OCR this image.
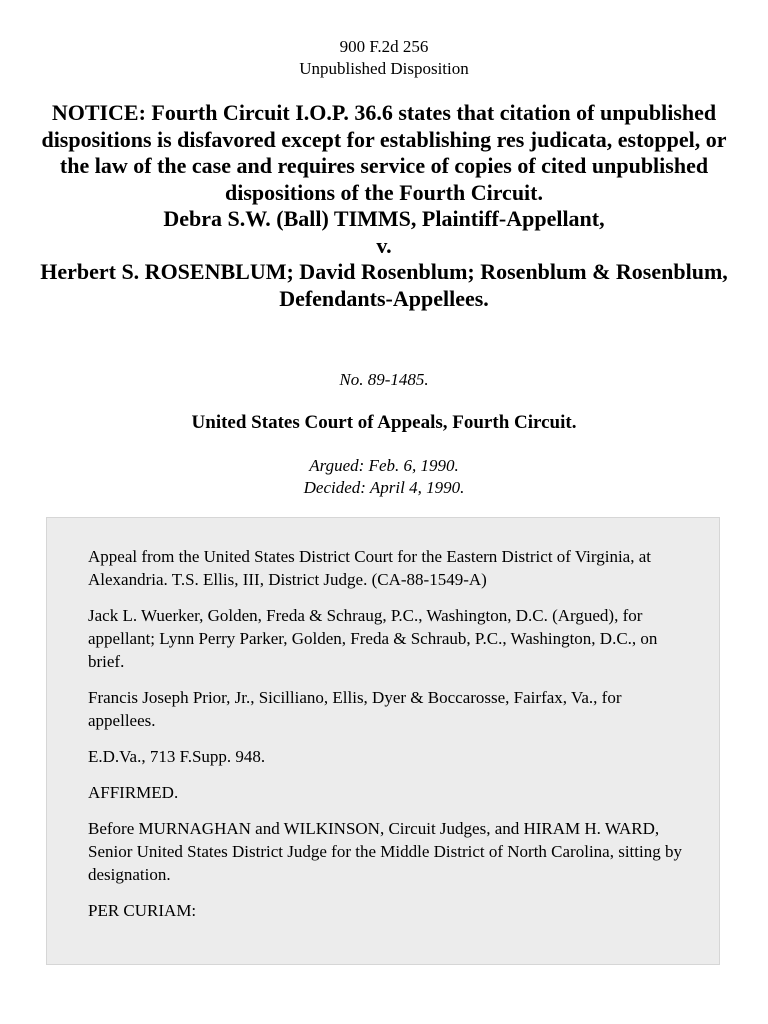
900 F.2d 256
Unpublished Disposition
NOTICE: Fourth Circuit I.O.P. 36.6 states that citation of unpublished dispositions is disfavored except for establishing res judicata, estoppel, or the law of the case and requires service of copies of cited unpublished dispositions of the Fourth Circuit.
Debra S.W. (Ball) TIMMS, Plaintiff-Appellant,
v.
Herbert S. ROSENBLUM; David Rosenblum; Rosenblum & Rosenblum, Defendants-Appellees.
No. 89-1485.
United States Court of Appeals, Fourth Circuit.
Argued: Feb. 6, 1990.
Decided: April 4, 1990.

Appeal from the United States District Court for the Eastern District of Virginia, at Alexandria. T.S. Ellis, III, District Judge. (CA-88-1549-A)

Jack L. Wuerker, Golden, Freda & Schraug, P.C., Washington, D.C. (Argued), for appellant; Lynn Perry Parker, Golden, Freda & Schraub, P.C., Washington, D.C., on brief.

Francis Joseph Prior, Jr., Sicilliano, Ellis, Dyer & Boccarosse, Fairfax, Va., for appellees.

E.D.Va., 713 F.Supp. 948.

AFFIRMED.

Before MURNAGHAN and WILKINSON, Circuit Judges, and HIRAM H. WARD, Senior United States District Judge for the Middle District of North Carolina, sitting by designation.

PER CURIAM:
